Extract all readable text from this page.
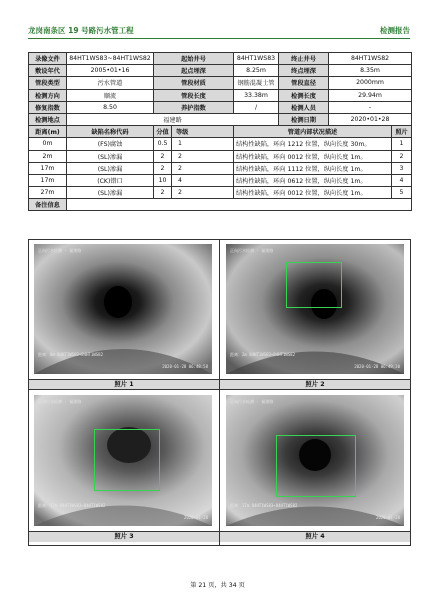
龙岗南条区 19 号路污水管工程	检测报告
录像文件	84HT1WS83~84HT1WS82	起始井号		84HT1WS83	终止井号	84HT1WS82	
敷设年代	2005•01•16	起点埋深		8.25m	终点埋深	8.35m	
管段类型	污水管道	管段材质		钢筋混凝土管	管段直径	2000mm	
检测方向	顺流	管段长度		33.38m	检测长度	29.94m	
修复指数	8.50	养护指数		/	检测人员	-	
检测地点	福建路				检测日期	2020•01•28	
距离(m)	缺陷名称代码	分值	等级	管道内部状况描述			照片
0m	(FS)腐蚀	0.5	1	结构性缺陷，环向 1212 位置，纵向长度 30m。			1
2m	(SL)渗漏	2	2	结构性缺陷，环向 0012 位置，纵向长度 1m。			2
17m	(SL)渗漏	2	2	结构性缺陷，环向 1112 位置，纵向长度 1m。			3
17m	(CK)错口	10	4	结构性缺陷，环向 0612 位置，纵向长度 1m。			4
27m	(SL)渗漏	2	2	结构性缺陷，环向 0012 位置，纵向长度 1m。			5
备注信息							
正向污水检测 · 福建路
距离：0m 84HT1WS83→84HT1WS82
2020-01-28 06:48:58
正向污水检测 · 福建路
距离：2m 84HT1WS83→84HT1WS82
2020-01-28 06:49:30
照片 1	照片 2
正向污水检测 · 福建路
距离：17m 84HT1WS83→84HT1WS82
2020-01-28
正向污水检测 · 福建路
距离：17m 84HT1WS83→84HT1WS82
2020-01-28
照片 3	照片 4
第 21 页，共 34 页
